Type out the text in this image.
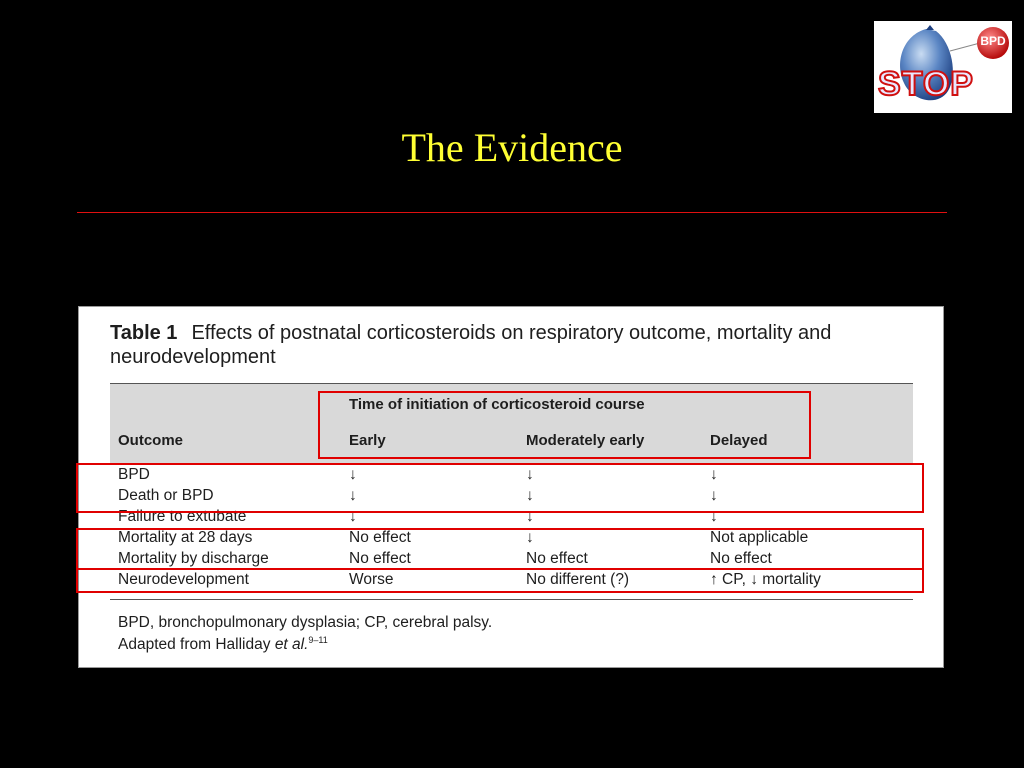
BPD
STOP
The Evidence
Table 1 Effects of postnatal corticosteroids on respiratory outcome, mortality and neurodevelopment
Time of initiation of corticosteroid course
Outcome	Early	Moderately early	Delayed
BPD	↓	↓	↓
Death or BPD	↓	↓	↓
Failure to extubate	↓	↓	↓
Mortality at 28 days	No effect	↓	Not applicable
Mortality by discharge	No effect	No effect	No effect
Neurodevelopment	Worse	No different (?)	↑ CP, ↓ mortality
BPD, bronchopulmonary dysplasia; CP, cerebral palsy.
Adapted from Halliday et al.$^{9-11}$
